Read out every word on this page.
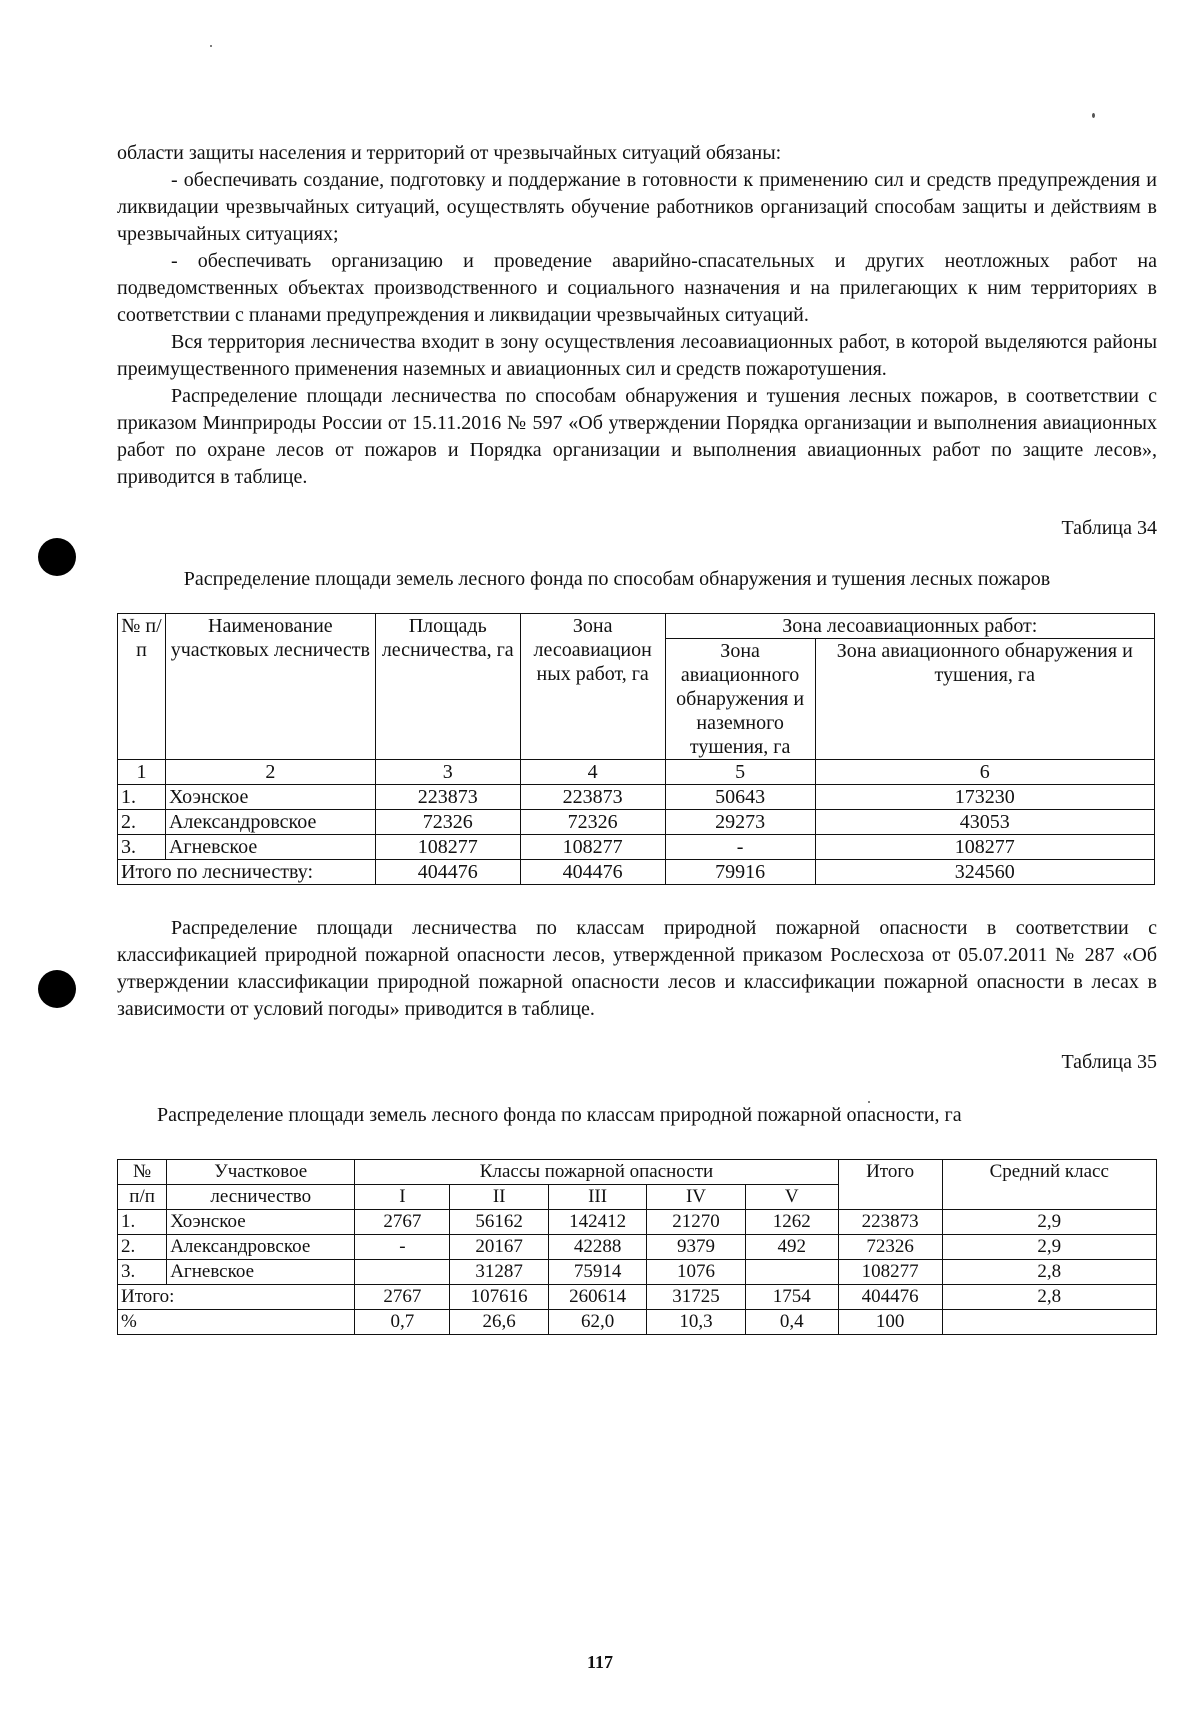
области защиты населения и территорий от чрезвычайных ситуаций обязаны:

- обеспечивать создание, подготовку и поддержание в готовности к применению сил и средств предупреждения и ликвидации чрезвычайных ситуаций, осуществлять обучение работников организаций способам защиты и действиям в чрезвычайных ситуациях;

- обеспечивать организацию и проведение аварийно-спасательных и других неотложных работ на подведомственных объектах производственного и социального назначения и на прилегающих к ним территориях в соответствии с планами предупреждения и ликвидации чрезвычайных ситуаций.

Вся территория лесничества входит в зону осуществления лесоавиационных работ, в которой выделяются районы преимущественного применения наземных и авиационных сил и средств пожаротушения.

Распределение площади лесничества по способам обнаружения и тушения лесных пожаров, в соответствии с приказом Минприроды России от 15.11.2016 № 597 «Об утверждении Порядка организации и выполнения авиационных работ по охране лесов от пожаров и Порядка организации и выполнения авиационных работ по защите лесов», приводится в таблице.

Таблица 34

Распределение площади земель лесного фонда по способам обнаружения и тушения лесных пожаров

№ п/п	Наименование участковых лесничеств	Площадь лесничества, га	Зона лесоавиацион ных работ, га	Зона лесоавиационных работ:	
				Зона авиационного обнаружения и наземного тушения, га	Зона авиационного обнаружения и тушения, га
1	2	3	4	5	6
1.	Хоэнское	223873	223873	50643	173230
2.	Александровское	72326	72326	29273	43053
3.	Агневское	108277	108277	-	108277
Итого по лесничеству:		404476	404476	79916	324560

Распределение площади лесничества по классам природной пожарной опасности в соответствии с классификацией природной пожарной опасности лесов, утвержденной приказом Рослесхоза от 05.07.2011 № 287 «Об утверждении классификации природной пожарной опасности лесов и классификации пожарной опасности в лесах в зависимости от условий погоды» приводится в таблице.

Таблица 35

Распределение площади земель лесного фонда по классам природной пожарной опасности, га

№	Участковое	Классы пожарной опасности					Итого	Средний класс
п/п	лесничество	I	II	III	IV	V		
1.	Хоэнское	2767	56162	142412	21270	1262	223873	2,9
2.	Александровское	-	20167	42288	9379	492	72326	2,9
3.	Агневское		31287	75914	1076		108277	2,8
Итого:		2767	107616	260614	31725	1754	404476	2,8
%		0,7	26,6	62,0	10,3	0,4	100	
117
